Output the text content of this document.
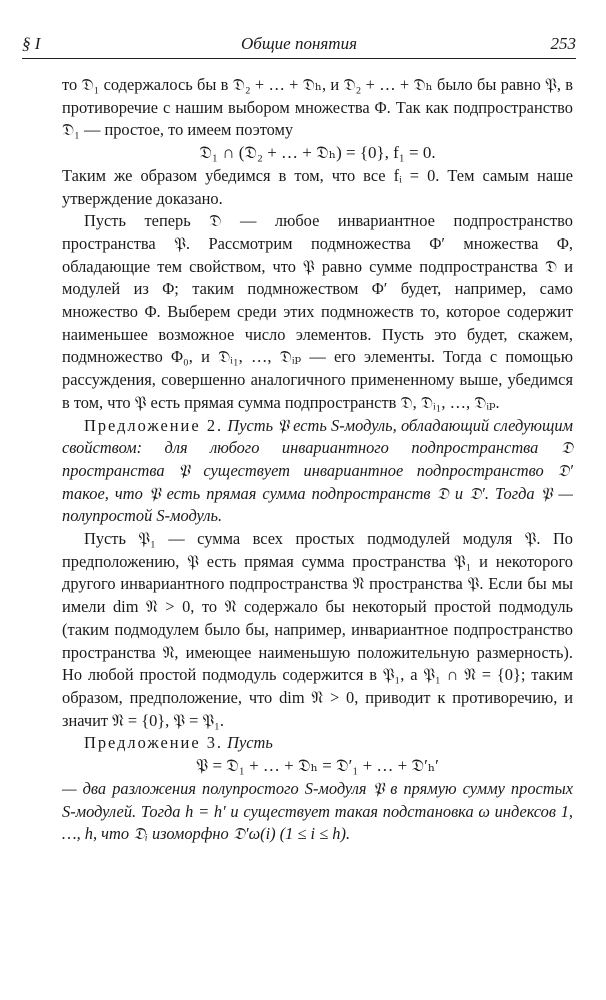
§ I	Общие понятия	253

то 𝔇₁ содержалось бы в 𝔇₂ + … + 𝔇ₕ, и 𝔇₂ + … + 𝔇ₕ было бы равно 𝔓, в противоречие с нашим выбором множества Φ. Так как подпространство 𝔇₁ — простое, то имеем поэтому

𝔇₁ ∩ (𝔇₂ + … + 𝔇ₕ) = {0}, f₁ = 0.

Таким же образом убедимся в том, что все fᵢ = 0. Тем самым наше утверждение доказано.

Пусть теперь 𝔇 — любое инвариантное подпространство пространства 𝔓. Рассмотрим подмножества Φ′ множества Φ, обладающие тем свойством, что 𝔓 равно сумме подпространства 𝔇 и модулей из Φ; таким подмножеством Φ′ будет, например, само множество Φ. Выберем среди этих подмножеств то, которое содержит наименьшее возможное число элементов. Пусть это будет, скажем, подмножество Φ₀, и 𝔇ᵢ₁, …, 𝔇ᵢₚ — его элементы. Тогда с помощью рассуждения, совершенно аналогичного примененному выше, убедимся в том, что 𝔓 есть прямая сумма подпространств 𝔇, 𝔇ᵢ₁, …, 𝔇ᵢₚ.

Предложение 2. Пусть 𝔓 есть S-модуль, обладающий следующим свойством: для любого инвариантного подпространства 𝔇 пространства 𝔓 существует инвариантное подпространство 𝔇′ такое, что 𝔓 есть прямая сумма подпространств 𝔇 и 𝔇′. Тогда 𝔓 — полупростой S-модуль.

Пусть 𝔓₁ — сумма всех простых подмодулей модуля 𝔓. По предположению, 𝔓 есть прямая сумма пространства 𝔓₁ и некоторого другого инвариантного подпространства 𝔑 пространства 𝔓. Если бы мы имели dim 𝔑 > 0, то 𝔑 содержало бы некоторый простой подмодуль (таким подмодулем было бы, например, инвариантное подпространство пространства 𝔑, имеющее наименьшую положительную размерность). Но любой простой подмодуль содержится в 𝔓₁, а 𝔓₁ ∩ 𝔑 = {0}; таким образом, предположение, что dim 𝔑 > 0, приводит к противоречию, и значит 𝔑 = {0}, 𝔓 = 𝔓₁.

Предложение 3. Пусть

𝔓 = 𝔇₁ + … + 𝔇ₕ = 𝔇′₁ + … + 𝔇′ₕ′

— два разложения полупростого S-модуля 𝔓 в прямую сумму простых S-модулей. Тогда h = h′ и существует такая подстановка ω индексов 1, …, h, что 𝔇ᵢ изоморфно 𝔇′ω(i) (1 ≤ i ≤ h).
